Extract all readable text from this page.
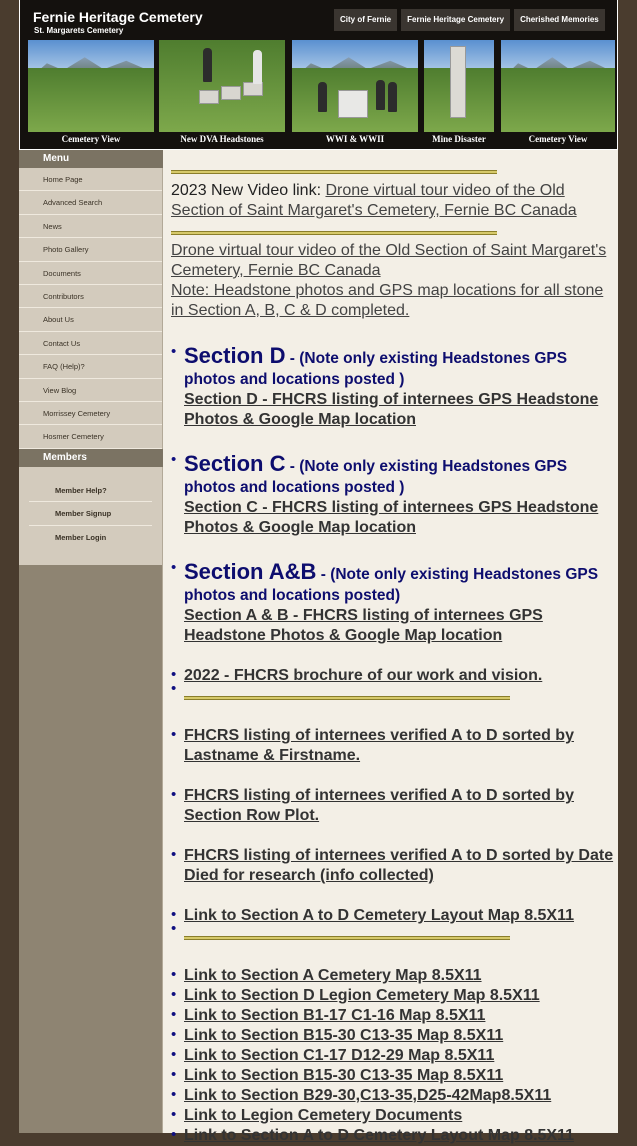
Fernie Heritage Cemetery
St. Margarets Cemetery
City of Fernie	Fernie Heritage Cemetery	Cherished Memories
Cemetery View	New DVA Headstones	WWI & WWII	Mine Disaster	Cemetery View
Menu
Home Page
Advanced Search
News
Photo Gallery
Documents
Contributors
About Us
Contact Us
FAQ (Help)?
View Blog
Morrissey Cemetery
Hosmer Cemetery
Members
Member Help?
Member Signup
Member Login
2023 New Video link: Drone virtual tour video of the Old Section of Saint Margaret's Cemetery, Fernie BC Canada
Drone virtual tour video of the Old Section of Saint Margaret's Cemetery, Fernie BC Canada
Note: Headstone photos and GPS map locations for all stone in Section A, B, C & D completed.
• Section D - (Note only existing Headstones GPS photos and locations posted )
Section D - FHCRS listing of internees GPS Headstone Photos & Google Map location
• Section C - (Note only existing Headstones GPS photos and locations posted )
Section C - FHCRS listing of internees GPS Headstone Photos & Google Map location
• Section A&B - (Note only existing Headstones GPS photos and locations posted)
Section A & B - FHCRS listing of internees GPS Headstone Photos & Google Map location
• 2022 - FHCRS brochure of our work and vision.
•
• FHCRS listing of internees verified A to D sorted by Lastname & Firstname.
• FHCRS listing of internees verified A to D sorted by Section Row Plot.
• FHCRS listing of internees verified A to D sorted by Date Died for research (info collected)
• Link to Section A to D Cemetery Layout Map 8.5X11
•
• Link to Section A Cemetery Map 8.5X11
• Link to Section D Legion Cemetery Map 8.5X11
• Link to Section B1-17 C1-16 Map 8.5X11
• Link to Section B15-30 C13-35 Map 8.5X11
• Link to Section C1-17 D12-29 Map 8.5X11
• Link to Section B15-30 C13-35 Map 8.5X11
• Link to Section B29-30,C13-35,D25-42Map8.5X11
• Link to Legion Cemetery Documents
• Link to Section A to D Cemetery Layout Map 8.5X11
